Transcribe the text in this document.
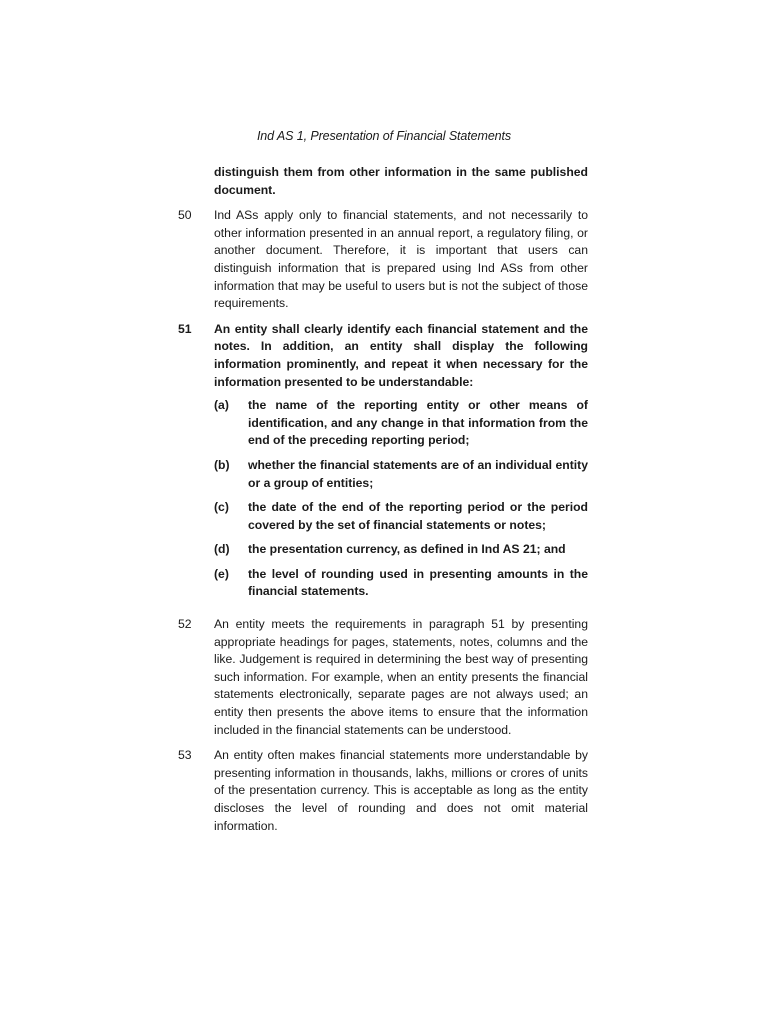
Ind AS 1, Presentation of Financial Statements
distinguish them from other information in the same published document.
50	Ind ASs apply only to financial statements, and not necessarily to other information presented in an annual report, a regulatory filing, or another document. Therefore, it is important that users can distinguish information that is prepared using Ind ASs from other information that may be useful to users but is not the subject of those requirements.
51	An entity shall clearly identify each financial statement and the notes. In addition, an entity shall display the following information prominently, and repeat it when necessary for the information presented to be understandable:
(a)	the name of the reporting entity or other means of identification, and any change in that information from the end of the preceding reporting period;
(b)	whether the financial statements are of an individual entity or a group of entities;
(c)	the date of the end of the reporting period or the period covered by the set of financial statements or notes;
(d)	the presentation currency, as defined in Ind AS 21; and
(e)	the level of rounding used in presenting amounts in the financial statements.
52	An entity meets the requirements in paragraph 51 by presenting appropriate headings for pages, statements, notes, columns and the like. Judgement is required in determining the best way of presenting such information. For example, when an entity presents the financial statements electronically, separate pages are not always used; an entity then presents the above items to ensure that the information included in the financial statements can be understood.
53	An entity often makes financial statements more understandable by presenting information in thousands, lakhs, millions or crores of units of the presentation currency. This is acceptable as long as the entity discloses the level of rounding and does not omit material information.
